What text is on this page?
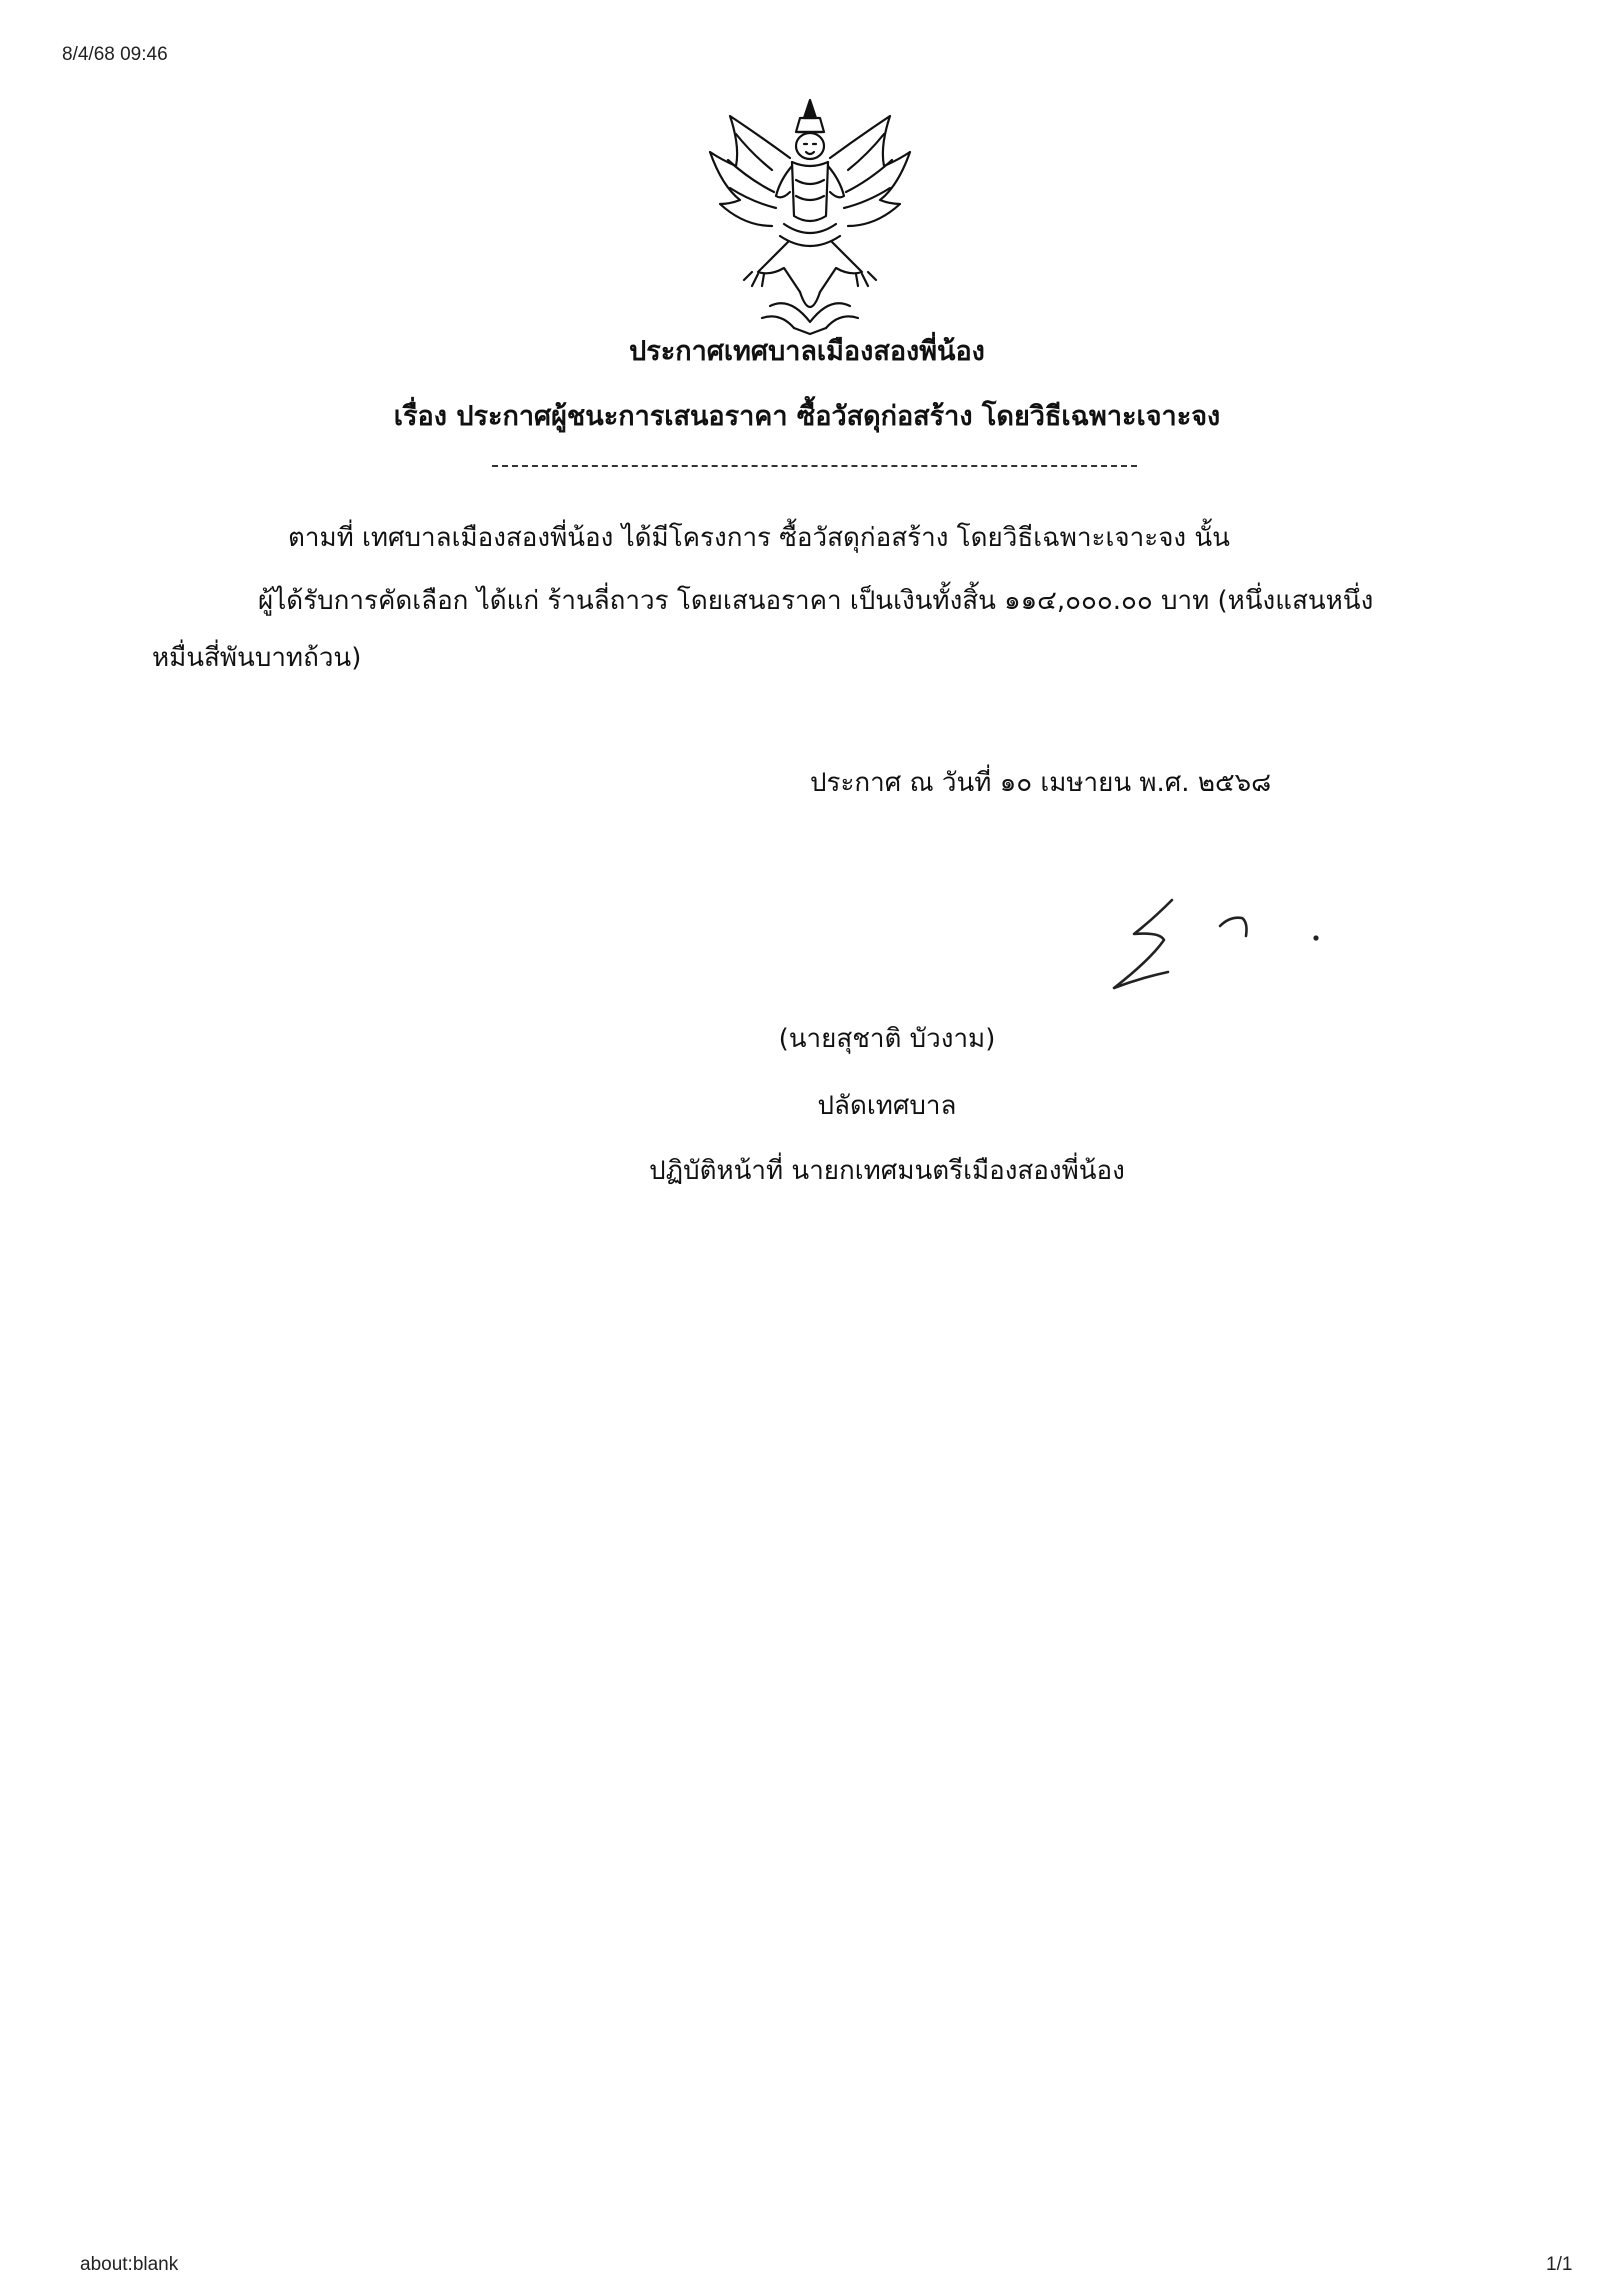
8/4/68 09:46
ประกาศเทศบาลเมืองสองพี่น้อง
เรื่อง ประกาศผู้ชนะการเสนอราคา ซื้อวัสดุก่อสร้าง โดยวิธีเฉพาะเจาะจง
ตามที่ เทศบาลเมืองสองพี่น้อง ได้มีโครงการ ซื้อวัสดุก่อสร้าง โดยวิธีเฉพาะเจาะจง นั้น
ผู้ได้รับการคัดเลือก ได้แก่ ร้านลี่ถาวร โดยเสนอราคา เป็นเงินทั้งสิ้น ๑๑๔,๐๐๐.๐๐ บาท (หนึ่งแสนหนึ่ง
หมื่นสี่พันบาทถ้วน)
ประกาศ ณ วันที่ ๑๐ เมษายน พ.ศ. ๒๕๖๘
(นายสุชาติ บัวงาม)
ปลัดเทศบาล
ปฏิบัติหน้าที่ นายกเทศมนตรีเมืองสองพี่น้อง
about:blank	1/1
